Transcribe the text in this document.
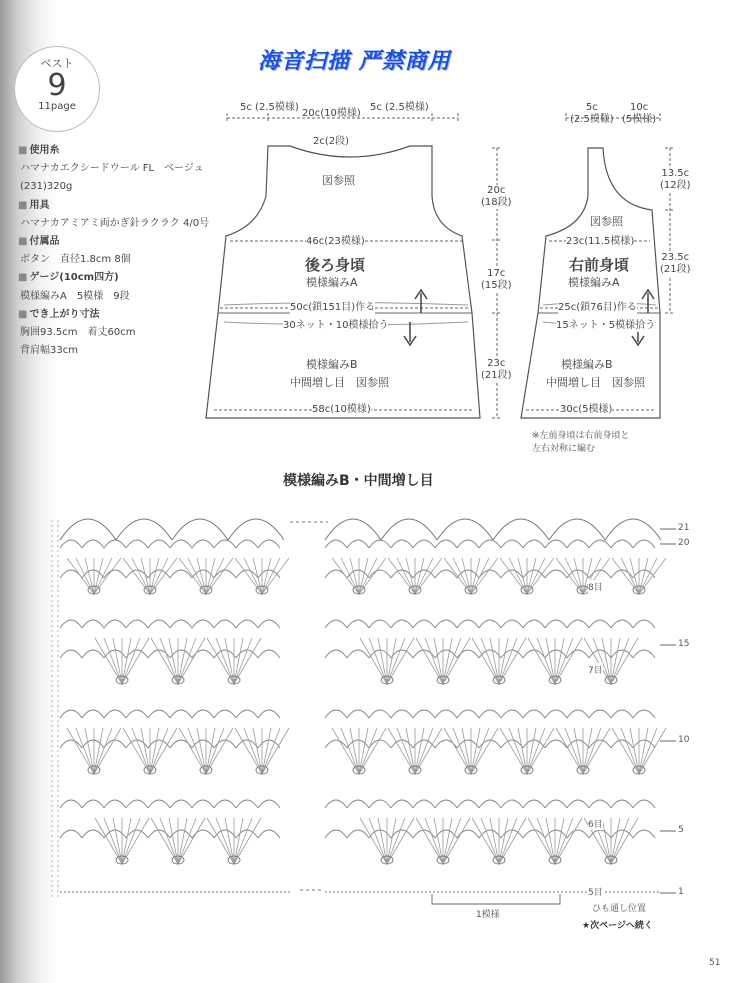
海音扫描 严禁商用
ベスト
9
11page
■ 使用糸
ハマナカエクシードウール FL　ベージュ
(231)320g
■ 用具
ハマナカアミアミ両かぎ針ラクラク 4/0号
■ 付属品
ボタン　直径1.8cm 8個
■ ゲージ(10cm四方)
模様編みA　5模様　9段
■ でき上がり寸法
胸囲93.5cm　着丈60cm
背肩幅33cm
5c (2.5模様)
20c(10模様)
5c (2.5模様)
2c(2段)
図参照
46c(23模様)
後ろ身頃
模様編みA
50c(鎖151目)作る
30ネット・10模様拾う
模様編みB
中間増し目　図参照
58c(10模様)
20c
(18段)
17c
(15段)
23c
(21段)
5c
(2.5模様)
10c
(5模様)
図参照
23c(11.5模様)
右前身頃
模様編みA
25c(鎖76目)作る
15ネット・5模様拾う
模様編みB
中間増し目　図参照
30c(5模様)
13.5c
(12段)
23.5c
(21段)
※左前身頃は右前身頃と
左右対称に編む
模様編みB・中間増し目
21
20
15
10
5
1
8目
7目
6目
5目
1模様
ひも通し位置
★次ページへ続く
51
